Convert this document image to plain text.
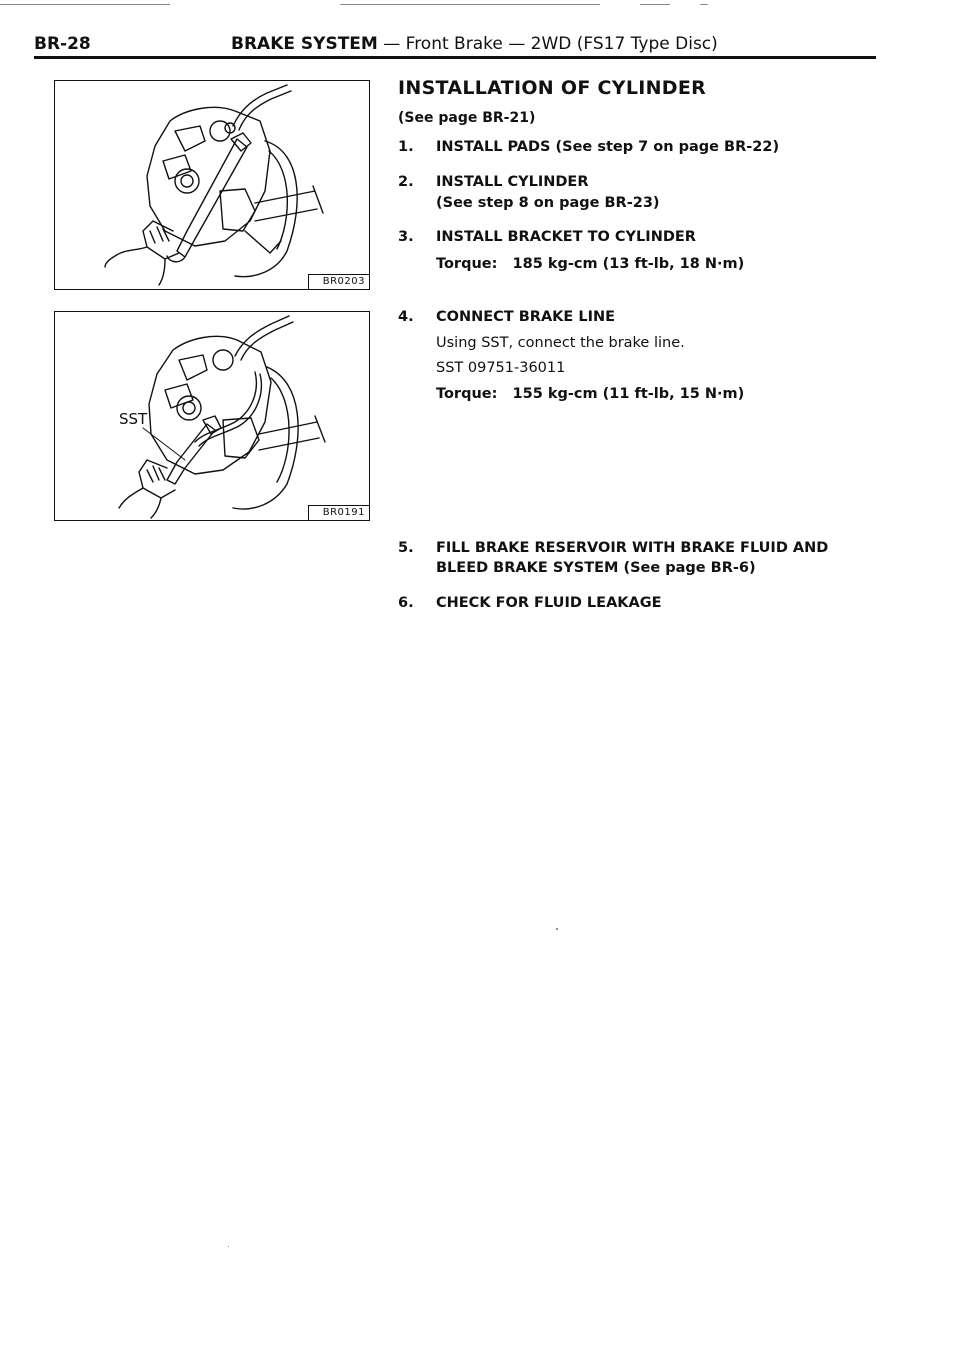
BR-28	BRAKE SYSTEM — Front Brake — 2WD (FS17 Type Disc)
BR0203
SST
BR0191
INSTALLATION OF CYLINDER
(See page BR-21)
1. INSTALL PADS (See step 7 on page BR-22)
2. INSTALL CYLINDER
(See step 8 on page BR-23)
3. INSTALL BRACKET TO CYLINDER
Torque:   185 kg-cm (13 ft-lb, 18 N·m)
4. CONNECT BRAKE LINE
Using SST, connect the brake line.
SST 09751-36011
Torque:   155 kg-cm (11 ft-lb, 15 N·m)
5. FILL BRAKE RESERVOIR WITH BRAKE FLUID AND
BLEED BRAKE SYSTEM (See page BR-6)
6. CHECK FOR FLUID LEAKAGE
